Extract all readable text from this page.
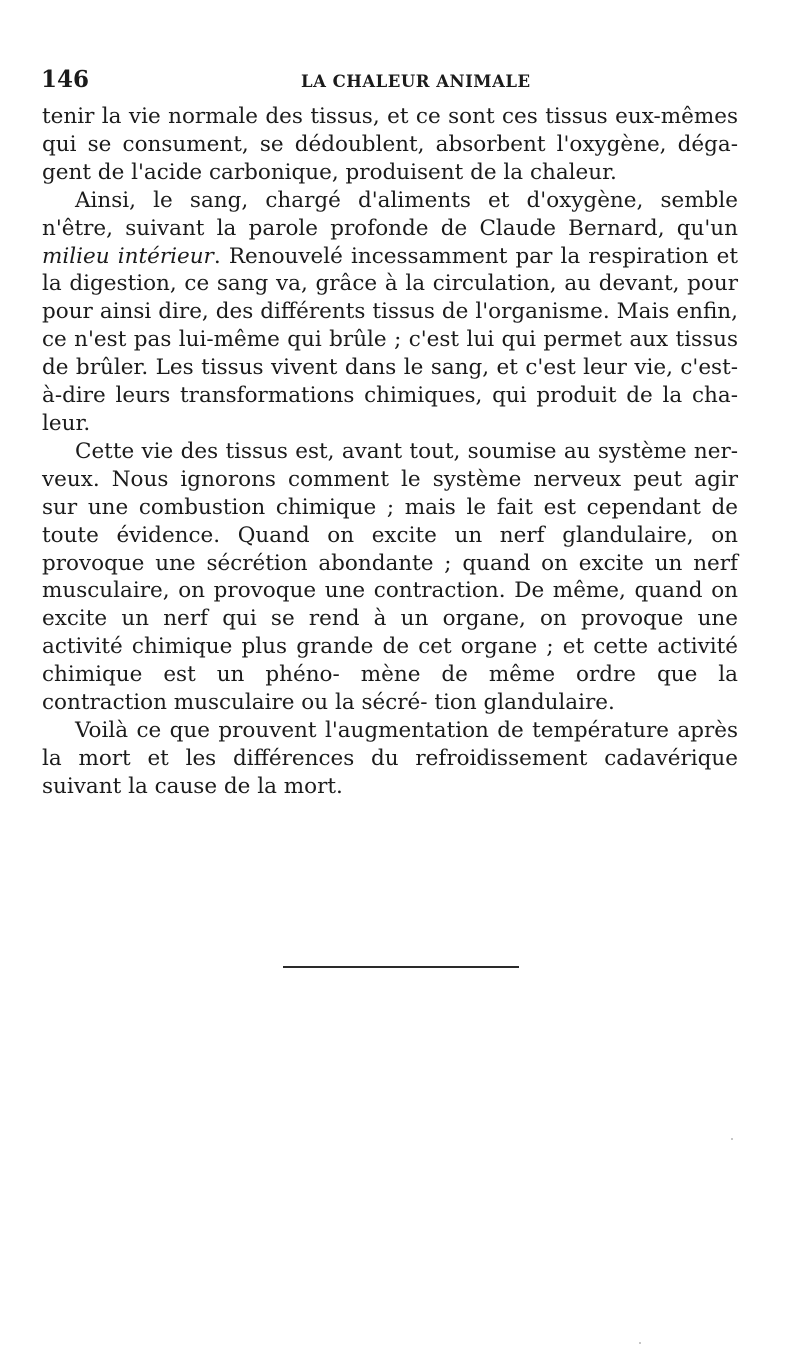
146	LA CHALEUR ANIMALE

tenir la vie normale des tissus, et ce sont ces tissus eux-mêmes qui se consument, se dédoublent, absorbent l'oxygène, déga- gent de l'acide carbonique, produisent de la chaleur.

Ainsi, le sang, chargé d'aliments et d'oxygène, semble n'être, suivant la parole profonde de Claude Bernard, qu'un milieu intérieur. Renouvelé incessamment par la respiration et la digestion, ce sang va, grâce à la circulation, au devant, pour pour ainsi dire, des différents tissus de l'organisme. Mais enfin, ce n'est pas lui-même qui brûle ; c'est lui qui permet aux tissus de brûler. Les tissus vivent dans le sang, et c'est leur vie, c'est- à-dire leurs transformations chimiques, qui produit de la cha- leur.

Cette vie des tissus est, avant tout, soumise au système ner- veux. Nous ignorons comment le système nerveux peut agir sur une combustion chimique ; mais le fait est cependant de toute évidence. Quand on excite un nerf glandulaire, on provoque une sécrétion abondante ; quand on excite un nerf musculaire, on provoque une contraction. De même, quand on excite un nerf qui se rend à un organe, on provoque une activité chimique plus grande de cet organe ; et cette activité chimique est un phéno- mène de même ordre que la contraction musculaire ou la sécré- tion glandulaire.

Voilà ce que prouvent l'augmentation de température après la mort et les différences du refroidissement cadavérique suivant la cause de la mort.
